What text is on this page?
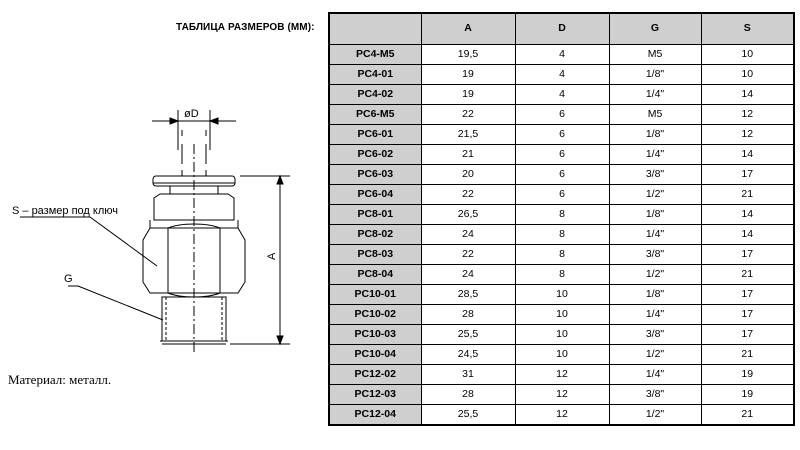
ТАБЛИЦА РАЗМЕРОВ (ММ):
øD
A
S – размер под ключ
G
Материал: металл.
	A	D	G	S
PC4-M5	19,5	4	M5	10
PC4-01	19	4	1/8"	10
PC4-02	19	4	1/4"	14
PC6-M5	22	6	M5	12
PC6-01	21,5	6	1/8"	12
PC6-02	21	6	1/4"	14
PC6-03	20	6	3/8"	17
PC6-04	22	6	1/2"	21
PC8-01	26,5	8	1/8"	14
PC8-02	24	8	1/4"	14
PC8-03	22	8	3/8"	17
PC8-04	24	8	1/2"	21
PC10-01	28,5	10	1/8"	17
PC10-02	28	10	1/4"	17
PC10-03	25,5	10	3/8"	17
PC10-04	24,5	10	1/2"	21
PC12-02	31	12	1/4"	19
PC12-03	28	12	3/8"	19
PC12-04	25,5	12	1/2"	21
